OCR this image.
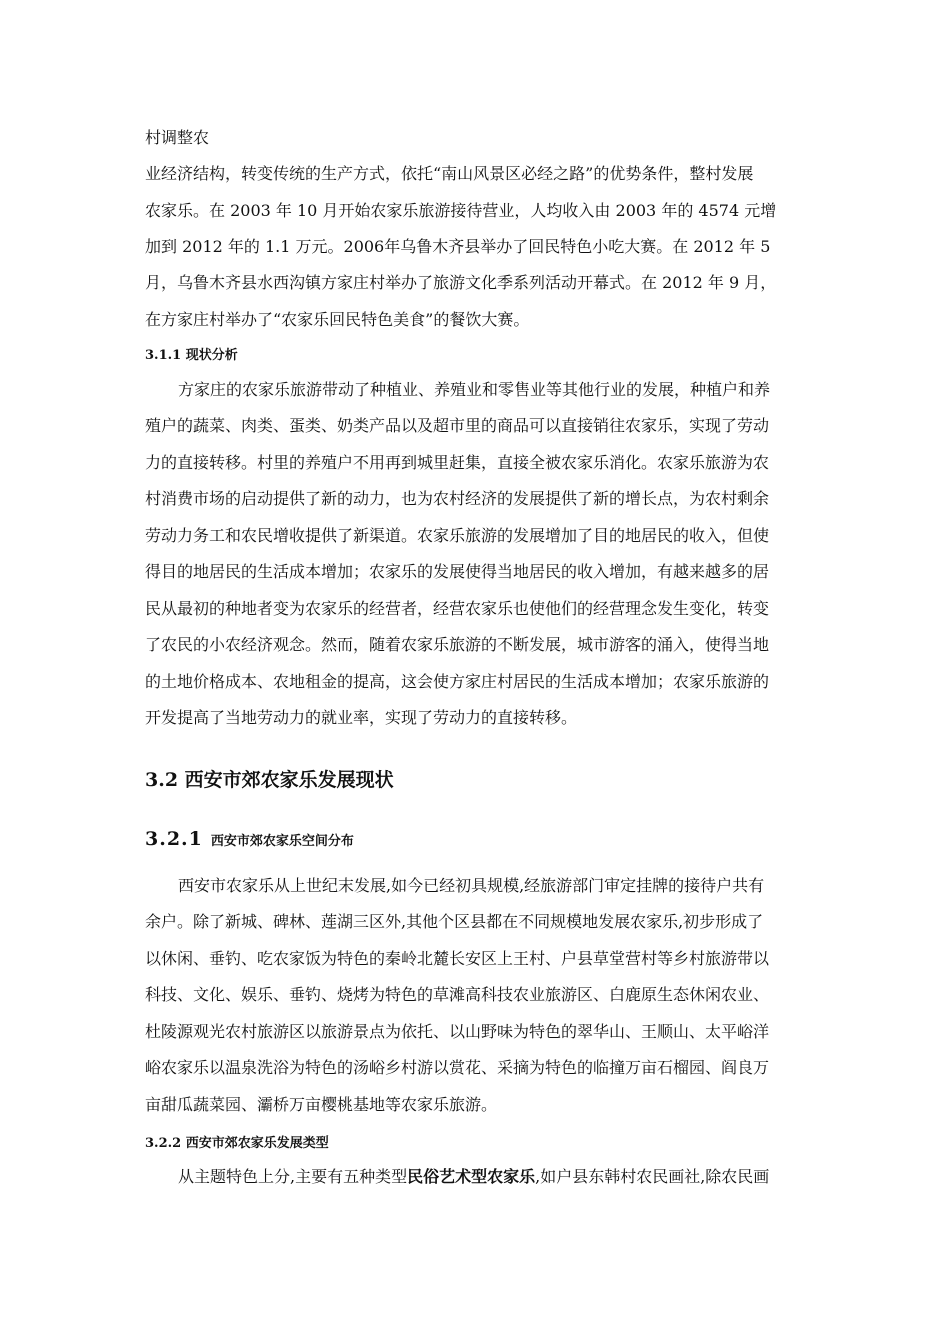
村调整农

业经济结构，转变传统的生产方式，依托“南山风景区必经之路”的优势条件，整村发展

农家乐。在 2003 年 10 月开始农家乐旅游接待营业，人均收入由 2003 年的 4574 元增

加到 2012 年的 1.1 万元。2006年乌鲁木齐县举办了回民特色小吃大赛。在 2012 年 5

月，乌鲁木齐县水西沟镇方家庄村举办了旅游文化季系列活动开幕式。在 2012 年 9 月，

在方家庄村举办了“农家乐回民特色美食”的餐饮大赛。

3.1.1 现状分析

方家庄的农家乐旅游带动了种植业、养殖业和零售业等其他行业的发展，种植户和养

殖户的蔬菜、肉类、蛋类、奶类产品以及超市里的商品可以直接销往农家乐，实现了劳动

力的直接转移。村里的养殖户不用再到城里赶集，直接全被农家乐消化。农家乐旅游为农

村消费市场的启动提供了新的动力，也为农村经济的发展提供了新的增长点，为农村剩余

劳动力务工和农民增收提供了新渠道。农家乐旅游的发展增加了目的地居民的收入，但使

得目的地居民的生活成本增加；农家乐的发展使得当地居民的收入增加，有越来越多的居

民从最初的种地者变为农家乐的经营者，经营农家乐也使他们的经营理念发生变化，转变

了农民的小农经济观念。然而，随着农家乐旅游的不断发展，城市游客的涌入，使得当地

的土地价格成本、农地租金的提高，这会使方家庄村居民的生活成本增加；农家乐旅游的

开发提高了当地劳动力的就业率，实现了劳动力的直接转移。

3.2 西安市郊农家乐发展现状

3.2.1 西安市郊农家乐空间分布

西安市农家乐从上世纪末发展,如今已经初具规模,经旅游部门审定挂牌的接待户共有

余户。除了新城、碑林、莲湖三区外,其他个区县都在不同规模地发展农家乐,初步形成了

以休闲、垂钓、吃农家饭为特色的秦岭北麓长安区上王村、户县草堂营村等乡村旅游带以

科技、文化、娱乐、垂钓、烧烤为特色的草滩高科技农业旅游区、白鹿原生态休闲农业、

杜陵源观光农村旅游区以旅游景点为依托、以山野味为特色的翠华山、王顺山、太平峪洋

峪农家乐以温泉洗浴为特色的汤峪乡村游以赏花、采摘为特色的临撞万亩石榴园、阎良万

亩甜瓜蔬菜园、灞桥万亩樱桃基地等农家乐旅游。

3.2.2 西安市郊农家乐发展类型

从主题特色上分,主要有五种类型民俗艺术型农家乐,如户县东韩村农民画社,除农民画
